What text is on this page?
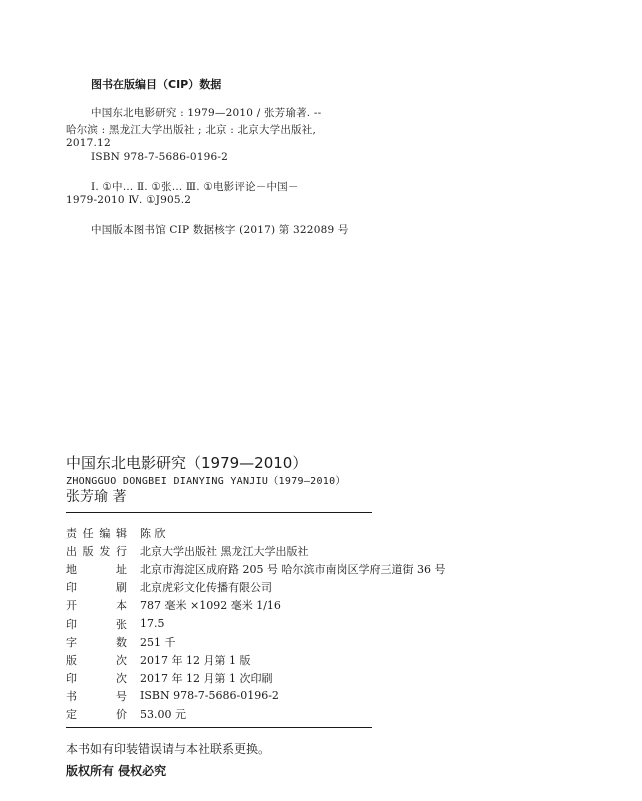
图书在版编目（CIP）数据
中国东北电影研究 : 1979—2010 / 张芳瑜著. --
哈尔滨 : 黑龙江大学出版社 ; 北京 : 北京大学出版社,
2017.12
ISBN 978-7-5686-0196-2
Ⅰ. ①中… Ⅱ. ①张… Ⅲ. ①电影评论－中国－
1979-2010 Ⅳ. ①J905.2
中国版本图书馆 CIP 数据核字 (2017) 第 322089 号
中国东北电影研究（1979—2010）
ZHONGGUO DONGBEI DIANYING YANJIU（1979—2010）
张芳瑜 著
责任编辑	陈 欣
出版发行	北京大学出版社 黑龙江大学出版社
地 址	北京市海淀区成府路 205 号 哈尔滨市南岗区学府三道街 36 号
印 刷	北京虎彩文化传播有限公司
开 本	787 毫米 ×1092 毫米 1/16
印 张	17.5
字 数	251 千
版 次	2017 年 12 月第 1 版
印 次	2017 年 12 月第 1 次印刷
书 号	ISBN 978-7-5686-0196-2
定 价	53.00 元
本书如有印装错误请与本社联系更换。
版权所有 侵权必究
